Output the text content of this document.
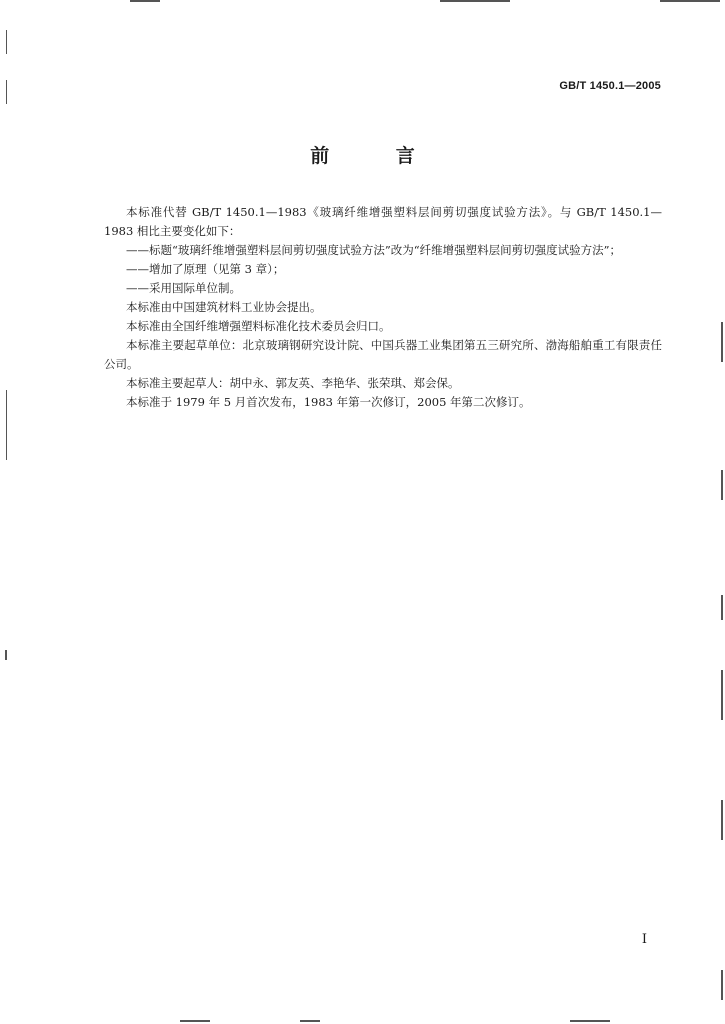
GB/T 1450.1—2005
前 言

本标准代替 GB/T 1450.1—1983《玻璃纤维增强塑料层间剪切强度试验方法》。与 GB/T 1450.1—1983 相比主要变化如下：

——标题“玻璃纤维增强塑料层间剪切强度试验方法”改为“纤维增强塑料层间剪切强度试验方法”；

——增加了原理（见第 3 章）；

——采用国际单位制。

本标准由中国建筑材料工业协会提出。

本标准由全国纤维增强塑料标准化技术委员会归口。

本标准主要起草单位：北京玻璃钢研究设计院、中国兵器工业集团第五三研究所、渤海船舶重工有限责任公司。

本标准主要起草人：胡中永、郭友英、李艳华、张荣琪、郑会保。

本标准于 1979 年 5 月首次发布，1983 年第一次修订，2005 年第二次修订。

I
